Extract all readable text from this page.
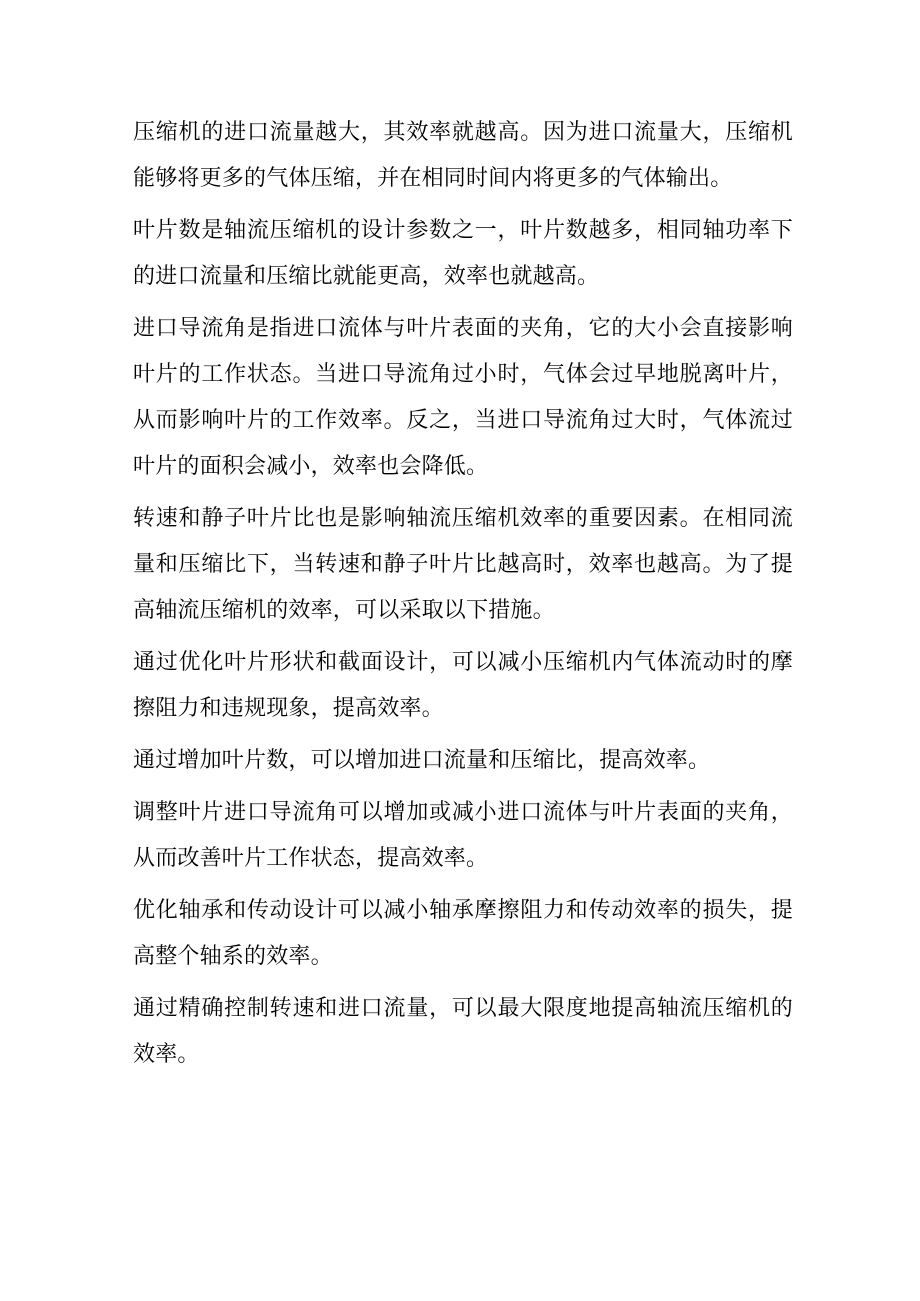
压缩机的进口流量越大，其效率就越高。因为进口流量大，压缩机能够将更多的气体压缩，并在相同时间内将更多的气体输出。

叶片数是轴流压缩机的设计参数之一，叶片数越多，相同轴功率下的进口流量和压缩比就能更高，效率也就越高。

进口导流角是指进口流体与叶片表面的夹角，它的大小会直接影响叶片的工作状态。当进口导流角过小时，气体会过早地脱离叶片，从而影响叶片的工作效率。反之，当进口导流角过大时，气体流过叶片的面积会减小，效率也会降低。

转速和静子叶片比也是影响轴流压缩机效率的重要因素。在相同流量和压缩比下，当转速和静子叶片比越高时，效率也越高。为了提高轴流压缩机的效率，可以采取以下措施。

通过优化叶片形状和截面设计，可以减小压缩机内气体流动时的摩擦阻力和违规现象，提高效率。

通过增加叶片数，可以增加进口流量和压缩比，提高效率。

调整叶片进口导流角可以增加或减小进口流体与叶片表面的夹角，从而改善叶片工作状态，提高效率。

优化轴承和传动设计可以减小轴承摩擦阻力和传动效率的损失，提高整个轴系的效率。

通过精确控制转速和进口流量，可以最大限度地提高轴流压缩机的效率。
